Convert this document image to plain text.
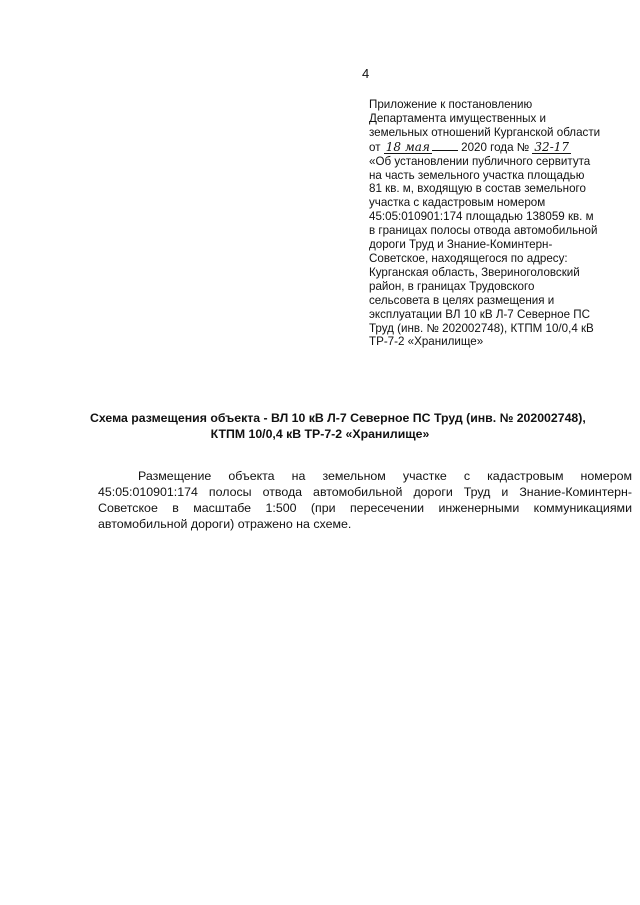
4
Приложение к постановлению
Департамента имущественных и
земельных отношений Курганской области
от 18 мая	2020 года № 32-17
«Об установлении публичного сервитута
на часть земельного участка площадью
81 кв. м, входящую в состав земельного
участка с кадастровым номером
45:05:010901:174 площадью 138059 кв. м
в границах полосы отвода автомобильной
дороги Труд и Знание-Коминтерн-
Советское, находящегося по адресу:
Курганская область, Звериноголовский
район, в границах Трудовского
сельсовета в целях размещения и
эксплуатации ВЛ 10 кВ Л-7 Северное ПС
Труд (инв. № 202002748), КТПМ 10/0,4 кВ
ТР-7-2 «Хранилище»
Схема размещения объекта - ВЛ 10 кВ Л-7 Северное ПС Труд (инв. № 202002748),
КТПМ 10/0,4 кВ ТР-7-2 «Хранилище»
Размещение объекта на земельном участке с кадастровым номером
45:05:010901:174 полосы отвода автомобильной дороги Труд и Знание-Коминтерн-
Советское в масштабе 1:500 (при пересечении инженерными коммуникациями
автомобильной дороги) отражено на схеме.
